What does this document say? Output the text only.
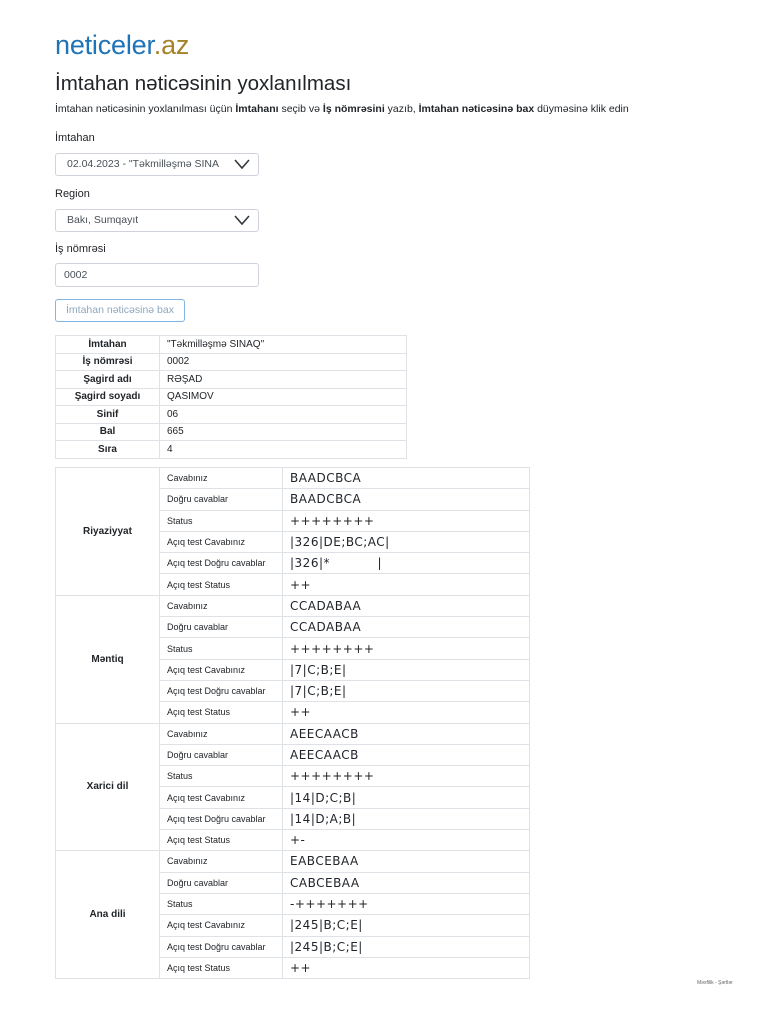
neticeler.az
İmtahan nəticəsinin yoxlanılması
İmtahan nəticəsinin yoxlanılması üçün İmtahanı seçib və İş nömrəsini yazıb, İmtahan nəticəsinə bax düyməsinə klik edin
İmtahan
02.04.2023 - "Təkmilləşmə SINA
Region
Bakı, Sumqayıt
İş nömrəsi
0002
İmtahan nəticəsinə bax
İmtahan	"Təkmilləşmə SINAQ"
İş nömrəsi	0002
Şagird adı	RƏŞAD
Şagird soyadı	QASIMOV
Sinif	06
Bal	665
Sıra	4
Riyaziyyat	Cavabınız	BAADCBCA
	Doğru cavablar	BAADCBCA
	Status	++++++++
	Açıq test Cavabınız	|326|DE;BC;AC|
	Açıq test Doğru cavablar	|326|*           |
	Açıq test Status	++
Məntiq	Cavabınız	CCADABAA
	Doğru cavablar	CCADABAA
	Status	++++++++
	Açıq test Cavabınız	|7|C;B;E|
	Açıq test Doğru cavablar	|7|C;B;E|
	Açıq test Status	++
Xarici dil	Cavabınız	AEECAACB
	Doğru cavablar	AEECAACB
	Status	++++++++
	Açıq test Cavabınız	|14|D;C;B|
	Açıq test Doğru cavablar	|14|D;A;B|
	Açıq test Status	+-
Ana dili	Cavabınız	EABCEBAA
	Doğru cavablar	CABCEBAA
	Status	-+++++++
	Açıq test Cavabınız	|245|B;C;E|
	Açıq test Doğru cavablar	|245|B;C;E|
	Açıq test Status	++
Məxfilik - Şərtlər
